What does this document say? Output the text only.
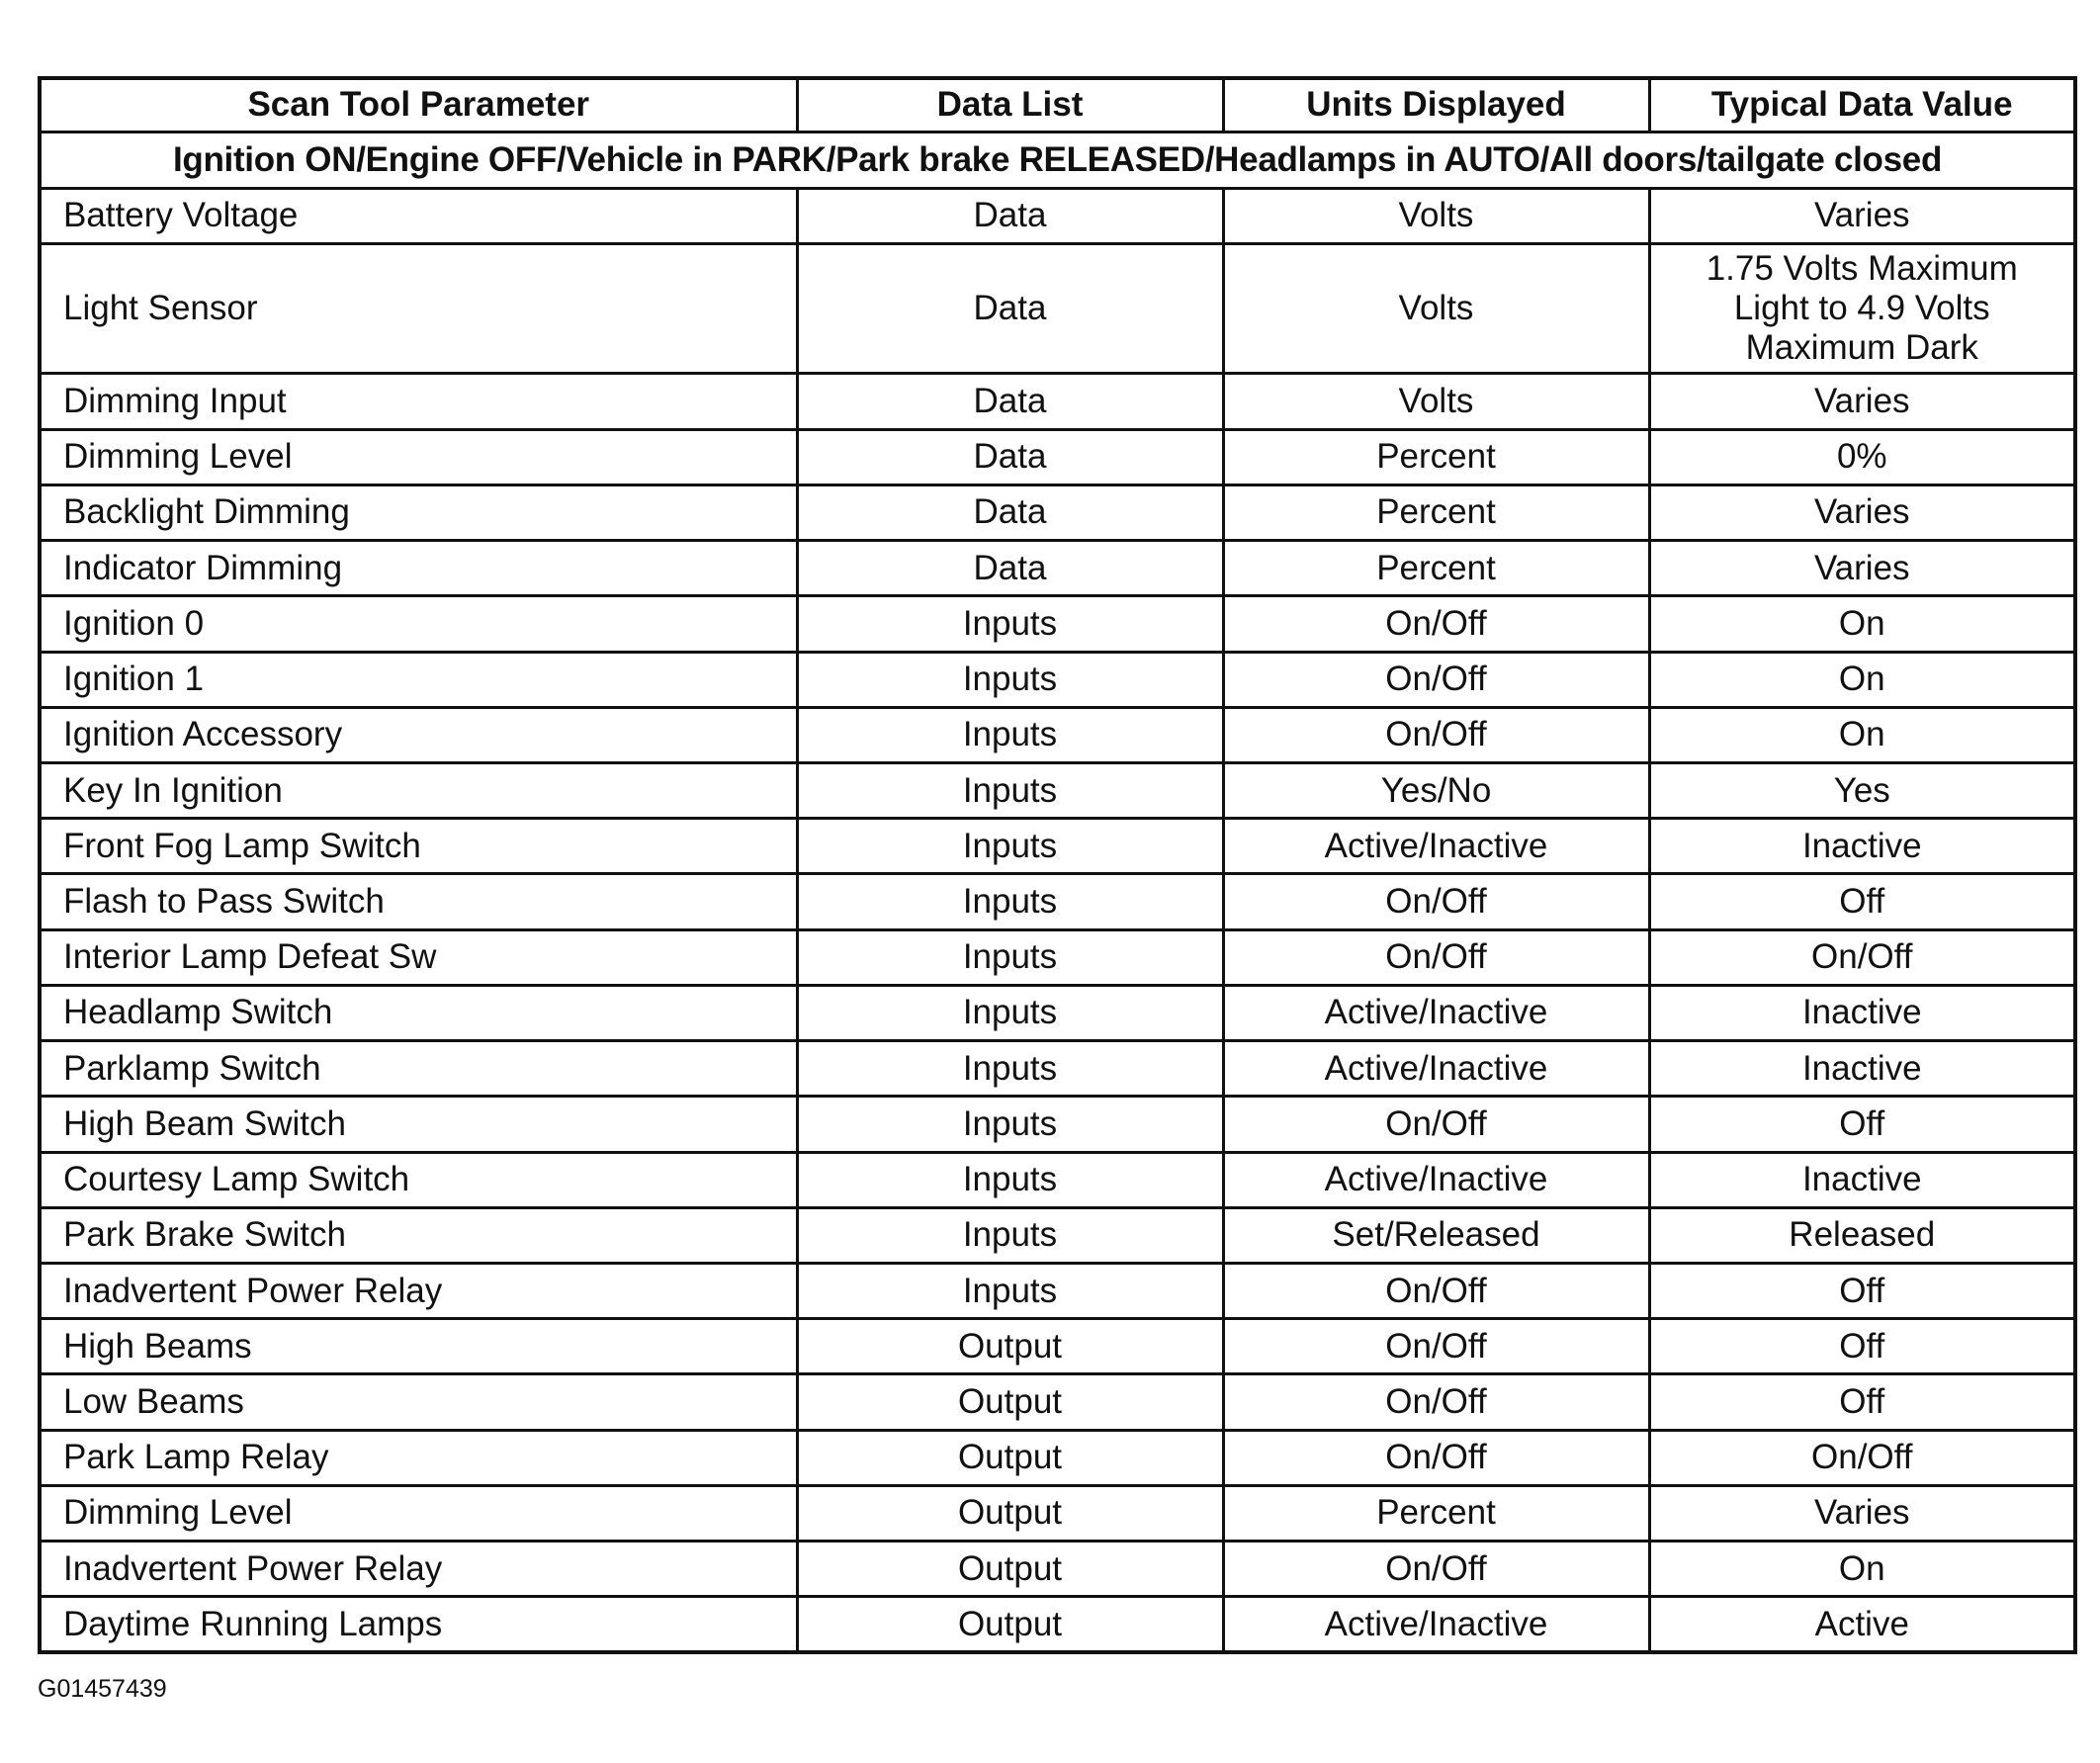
Scan Tool Parameter	Data List	Units Displayed	Typical Data Value
Ignition ON/Engine OFF/Vehicle in PARK/Park brake RELEASED/Headlamps in AUTO/All doors/tailgate closed			
Battery Voltage	Data	Volts	Varies
Light Sensor	Data	Volts	1.75 Volts Maximum
Light to 4.9 Volts
Maximum Dark
Dimming Input	Data	Volts	Varies
Dimming Level	Data	Percent	0%
Backlight Dimming	Data	Percent	Varies
Indicator Dimming	Data	Percent	Varies
Ignition 0	Inputs	On/Off	On
Ignition 1	Inputs	On/Off	On
Ignition Accessory	Inputs	On/Off	On
Key In Ignition	Inputs	Yes/No	Yes
Front Fog Lamp Switch	Inputs	Active/Inactive	Inactive
Flash to Pass Switch	Inputs	On/Off	Off
Interior Lamp Defeat Sw	Inputs	On/Off	On/Off
Headlamp Switch	Inputs	Active/Inactive	Inactive
Parklamp Switch	Inputs	Active/Inactive	Inactive
High Beam Switch	Inputs	On/Off	Off
Courtesy Lamp Switch	Inputs	Active/Inactive	Inactive
Park Brake Switch	Inputs	Set/Released	Released
Inadvertent Power Relay	Inputs	On/Off	Off
High Beams	Output	On/Off	Off
Low Beams	Output	On/Off	Off
Park Lamp Relay	Output	On/Off	On/Off
Dimming Level	Output	Percent	Varies
Inadvertent Power Relay	Output	On/Off	On
Daytime Running Lamps	Output	Active/Inactive	Active
G01457439
